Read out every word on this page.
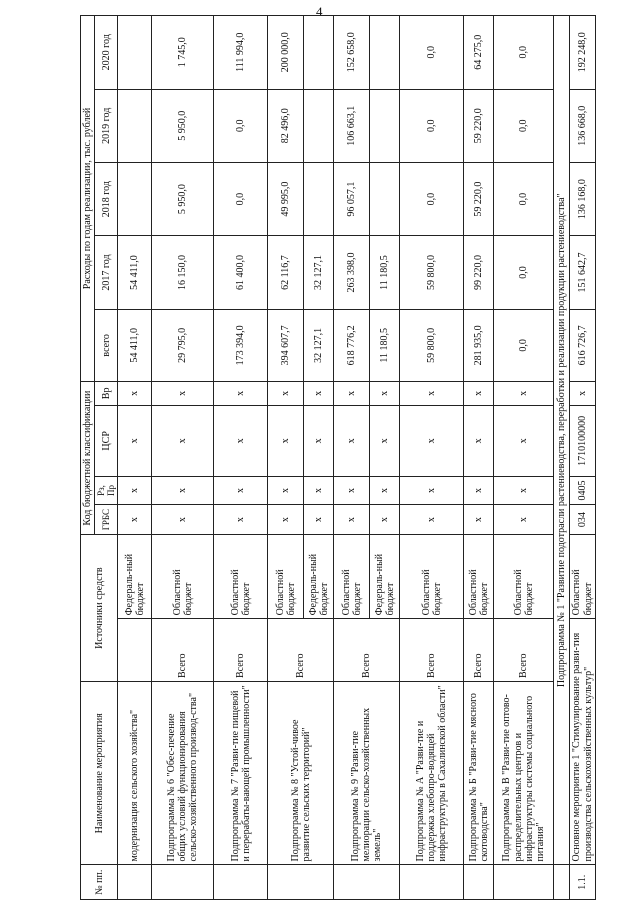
4
№ пп.	Наименование мероприятия	Источники средств		Код бюджетной классификации				Расходы по годам реализации, тыс. рублей				
				ГРБС	Рз, Пр	ЦСР	Вр	всего	2017 год	2018 год	2019 год	2020 год
	модернизация сельского хозяйства"		Федераль-ный бюджет	х	х	х	х	54 411,0	54 411,0			
	Подпрограмма № 6 "Обес-печение общих условий функционирования сельско-хозяйственного производ-ства"	Всего	Областной бюджет	х	х	х	х	29 795,0	16 150,0	5 950,0	5 950,0	1 745,0
	Подпрограмма № 7 "Разви-тие пищевой и перерабаты-вающей промышленности"	Всего	Областной бюджет	х	х	х	х	173 394,0	61 400,0	0,0	0,0	111 994,0
	Подпрограмма № 8 "Устой-чивое развитие сельских территорий"	Всего	Областной бюджет	х	х	х	х	394 607,7	62 116,7	49 995,0	82 496,0	200 000,0
			Федераль-ный бюджет	х	х	х	х	32 127,1	32 127,1			
	Подпрограмма № 9 "Разви-тие мелиорации сельско-хозяйственных земель"	Всего	Областной бюджет	х	х	х	х	618 776,2	263 398,0	96 057,1	106 663,1	152 658,0
			Федераль-ный бюджет	х	х	х	х	11 180,5	11 180,5			
	Подпрограмма № А "Разви-тие и поддержка хлебопро-водящей инфраструктуры в Сахалинской области"	Всего	Областной бюджет	х	х	х	х	59 800,0	59 800,0	0,0	0,0	0,0
	Подпрограмма № Б "Разви-тие мясного скотоводства"	Всего	Областной бюджет	х	х	х	х	281 935,0	99 220,0	59 220,0	59 220,0	64 275,0
	Подпрограмма № В "Разви-тие оптово-распределительных центров и инфраструктуры системы социального питания"	Всего	Областной бюджет	х	х	х	х	0,0	0,0	0,0	0,0	0,0
	Подпрограмма № 1 "Развитие подотрасли растениеводства, переработки и реализации продукции растениеводства"											
1.1.	Основное мероприятие 1 "Стимулирование разви-тия производства сельскохозяйственных культур"		Областной бюджет	034	0405	1710100000	х	616 726,7	151 642,7	136 168,0	136 668,0	192 248,0
